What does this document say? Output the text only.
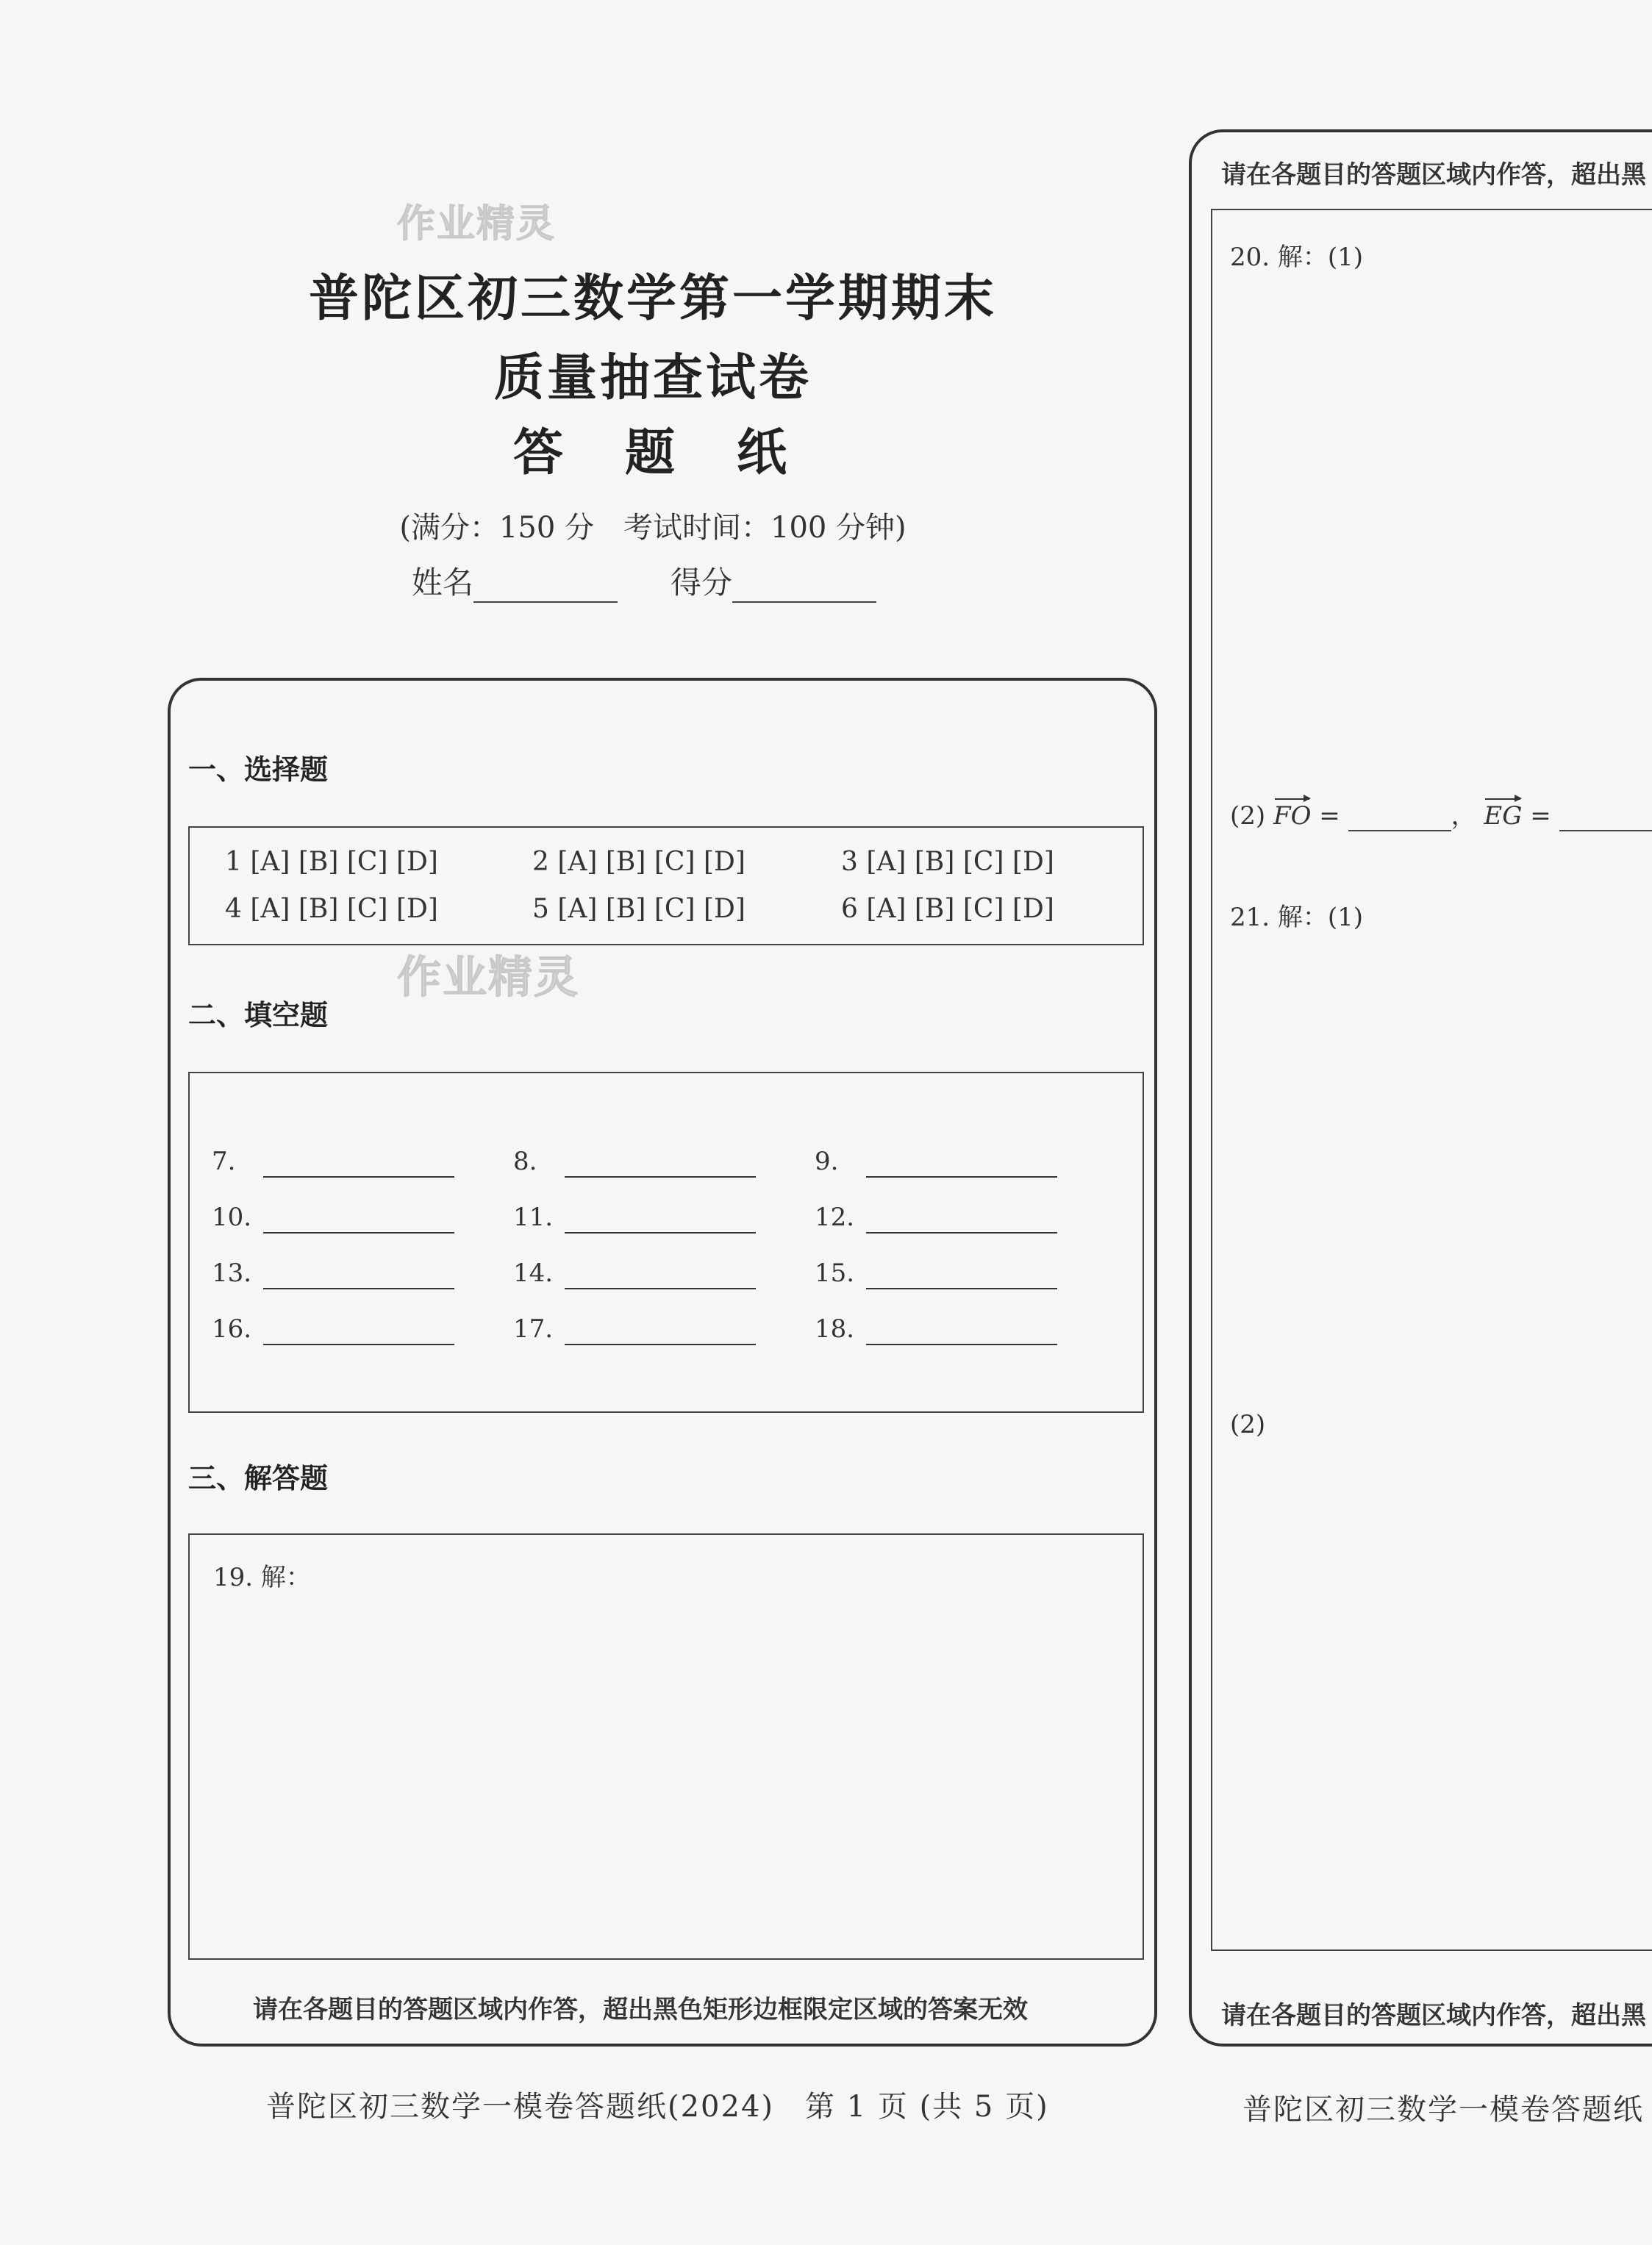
作业精灵
作业精灵
普陀区初三数学第一学期期末
质量抽查试卷
答　题　纸
(满分：150 分　考试时间：100 分钟)
姓名	得分
一、选择题
1 [A] [B] [C] [D]	2 [A] [B] [C] [D]	3 [A] [B] [C] [D]
4 [A] [B] [C] [D]	5 [A] [B] [C] [D]	6 [A] [B] [C] [D]
二、填空题
7.	8.	9.
10.	11.	12.
13.	14.	15.
16.	17.	18.
三、解答题
19. 解：
请在各题目的答题区域内作答，超出黑色矩形边框限定区域的答案无效
请在各题目的答题区域内作答，超出黑
20. 解：(1)
(2) FO =	， EG =
21. 解：(1)
(2)
请在各题目的答题区域内作答，超出黑
普陀区初三数学一模卷答题纸(2024)　第 1 页 (共 5 页)	普陀区初三数学一模卷答题纸
